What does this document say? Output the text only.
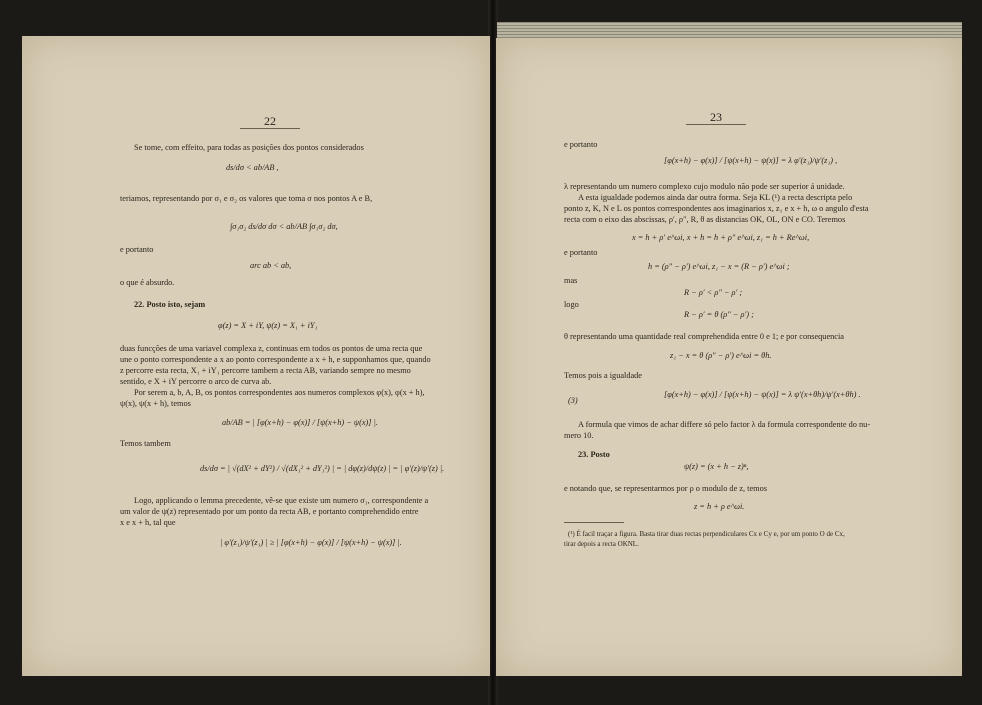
22
Se tome, com effeito, para todas as posições dos pontos considerados
ds/dσ < ab/AB ,
teriamos, representando por σ₁ e σ₂ os valores que toma σ nos pontos A e B,
∫σ₁σ₂ ds/dσ dσ < ab/AB ∫σ₁σ₂ dσ,
e portanto
arc ab < ab,
o que é absurdo.
22. Posto isto, sejam
φ(z) = X + iY, ψ(z) = X₁ + iY₁
duas funcções de uma variavel complexa z, continuas em todos os pontos de uma recta que
une o ponto correspondente a x ao ponto correspondente a x + h, e supponhamos que, quando
z percorre esta recta, X₁ + iY₁ percorre tambem a recta AB, variando sempre no mesmo
sentido, e X + iY percorre o arco de curva ab.
Por serem a, b, A, B, os pontos correspondentes aos numeros complexos φ(x), φ(x + h),
ψ(x), ψ(x + h), temos
ab/AB = | [φ(x+h) − φ(x)] / [ψ(x+h) − ψ(x)] |.
Temos tambem
ds/dσ = | √(dX² + dY²) / √(dX₁² + dY₁²) | = | dφ(z)/dψ(z) | = | φ′(z)/ψ′(z) |.
Logo, applicando o lemma precedente, vê-se que existe um numero σ₁, correspondente a
um valor de ψ(z) representado por um ponto da recta AB, e portanto comprehendido entre
x e x + h, tal que
| φ′(z₁)/ψ′(z₁) | ≥ | [φ(x+h) − φ(x)] / [ψ(x+h) − ψ(x)] |.
23
e portanto
[φ(x+h) − φ(x)] / [ψ(x+h) − ψ(x)] = λ φ′(z₁)/ψ′(z₁) ,
λ representando um numero complexo cujo modulo não pode ser superior á unidade.
A esta igualdade podemos ainda dar outra forma. Seja KL (¹) a recta descripta pelo
ponto z, K, N e L os pontos correspondentes aos imaginarios x, z₁ e x + h, ω o angulo d'esta
recta com o eixo das abscissas, ρ′, ρ″, R, θ as distancias OK, OL, ON e CO. Teremos
x = h + ρ′ e^ωi, x + h = h + ρ″ e^ωi, z₁ = h + Re^ωi,
e portanto
h = (ρ″ − ρ′) e^ωi, z₁ − x = (R − ρ′) e^ωi ;
mas
R − ρ′ < ρ″ − ρ′ ;
logo
R − ρ′ = θ (ρ″ − ρ′) ;
θ representando uma quantidade real comprehendida entre 0 e 1; e por consequencia
z₁ − x = θ (ρ″ − ρ′) e^ωi = θh.
Temos pois a igualdade
(3)
[φ(x+h) − φ(x)] / [ψ(x+h) − ψ(x)] = λ ψ′(x+θh)/ψ′(x+θh) .
A formula que vimos de achar differe só pelo factor λ da formula correspondente do nu-
mero 10.
23. Posto
ψ(z) = (x + h − z)ⁿ,
e notando que, se representarmos por ρ o modulo de z, temos
z = h + ρ e^ωi.
(¹) É facil traçar a figura. Basta tirar duas rectas perpendiculares Cx e Cy e, por um ponto O de Cx,
tirar depois a recta OKNL.
